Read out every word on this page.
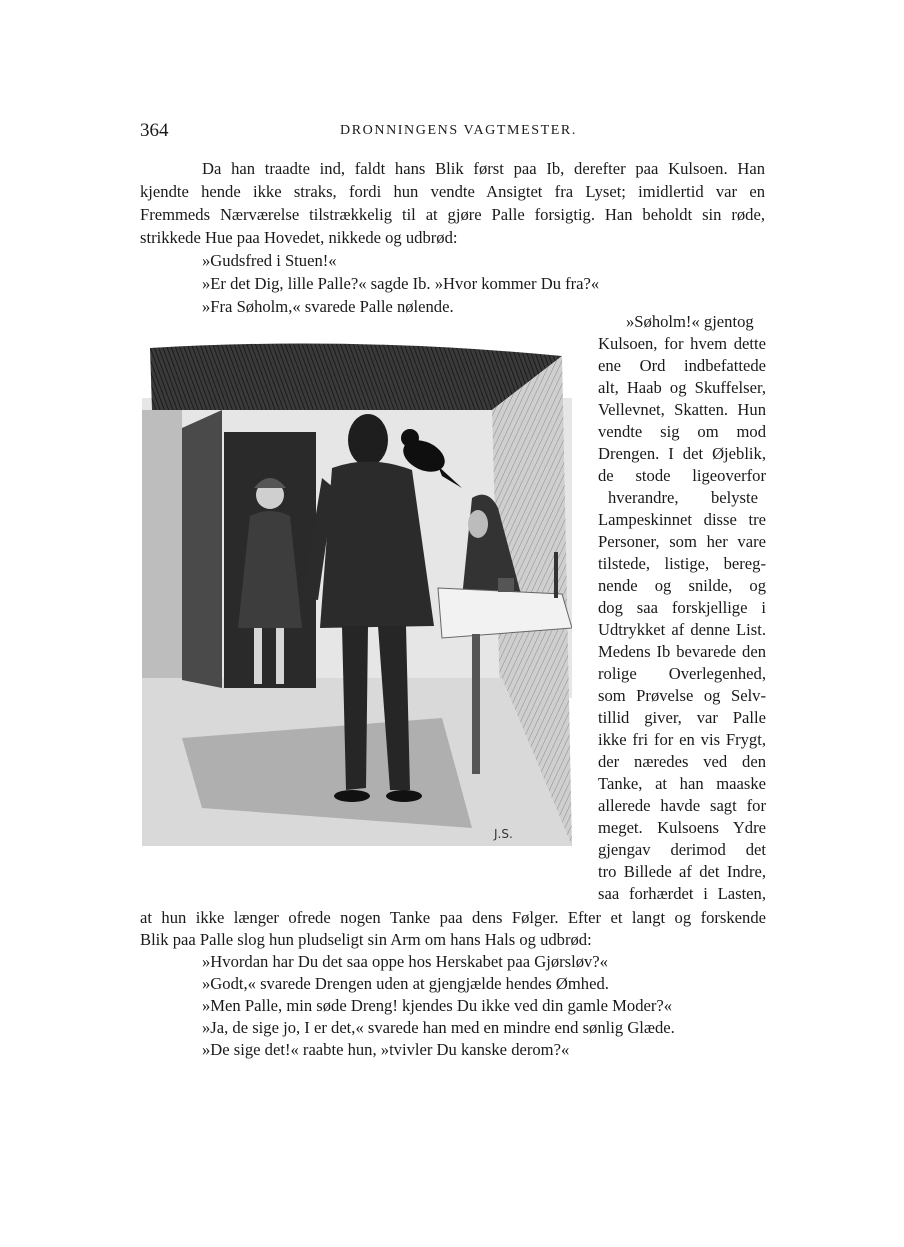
364	DRONNINGENS VAGTMESTER.
Da han traadte ind, faldt hans Blik først paa Ib, derefter paa Kulsoen. Han
kjendte hende ikke straks, fordi hun vendte Ansigtet fra Lyset; imidlertid var en
Fremmeds Nærværelse tilstrækkelig til at gjøre Palle forsigtig. Han beholdt sin røde,
strikkede Hue paa Hovedet, nikkede og udbrød:
»Gudsfred i Stuen!«
»Er det Dig, lille Palle?« sagde Ib. »Hvor kommer Du fra?«
»Fra Søholm,« svarede Palle nølende.
J.S.
»Søholm!« gjentog
Kulsoen, for hvem dette
ene Ord indbefattede
alt, Haab og Skuffelser,
Vellevnet, Skatten. Hun
vendte sig om mod
Drengen. I det Øjeblik,
de stode ligeoverfor
hverandre, belyste
Lampeskinnet disse tre
Personer, som her vare
tilstede, listige, bereg-
nende og snilde, og
dog saa forskjellige i
Udtrykket af denne List.
Medens Ib bevarede den
rolige Overlegenhed,
som Prøvelse og Selv-
tillid giver, var Palle
ikke fri for en vis Frygt,
der næredes ved den
Tanke, at han maaske
allerede havde sagt for
meget. Kulsoens Ydre
gjengav derimod det
tro Billede af det Indre,
saa forhærdet i Lasten,
at hun ikke længer ofrede nogen Tanke paa dens Følger. Efter et langt og forskende
Blik paa Palle slog hun pludseligt sin Arm om hans Hals og udbrød:
»Hvordan har Du det saa oppe hos Herskabet paa Gjørsløv?«
»Godt,« svarede Drengen uden at gjengjælde hendes Ømhed.
»Men Palle, min søde Dreng! kjendes Du ikke ved din gamle Moder?«
»Ja, de sige jo, I er det,« svarede han med en mindre end sønlig Glæde.
»De sige det!« raabte hun, »tvivler Du kanske derom?«
